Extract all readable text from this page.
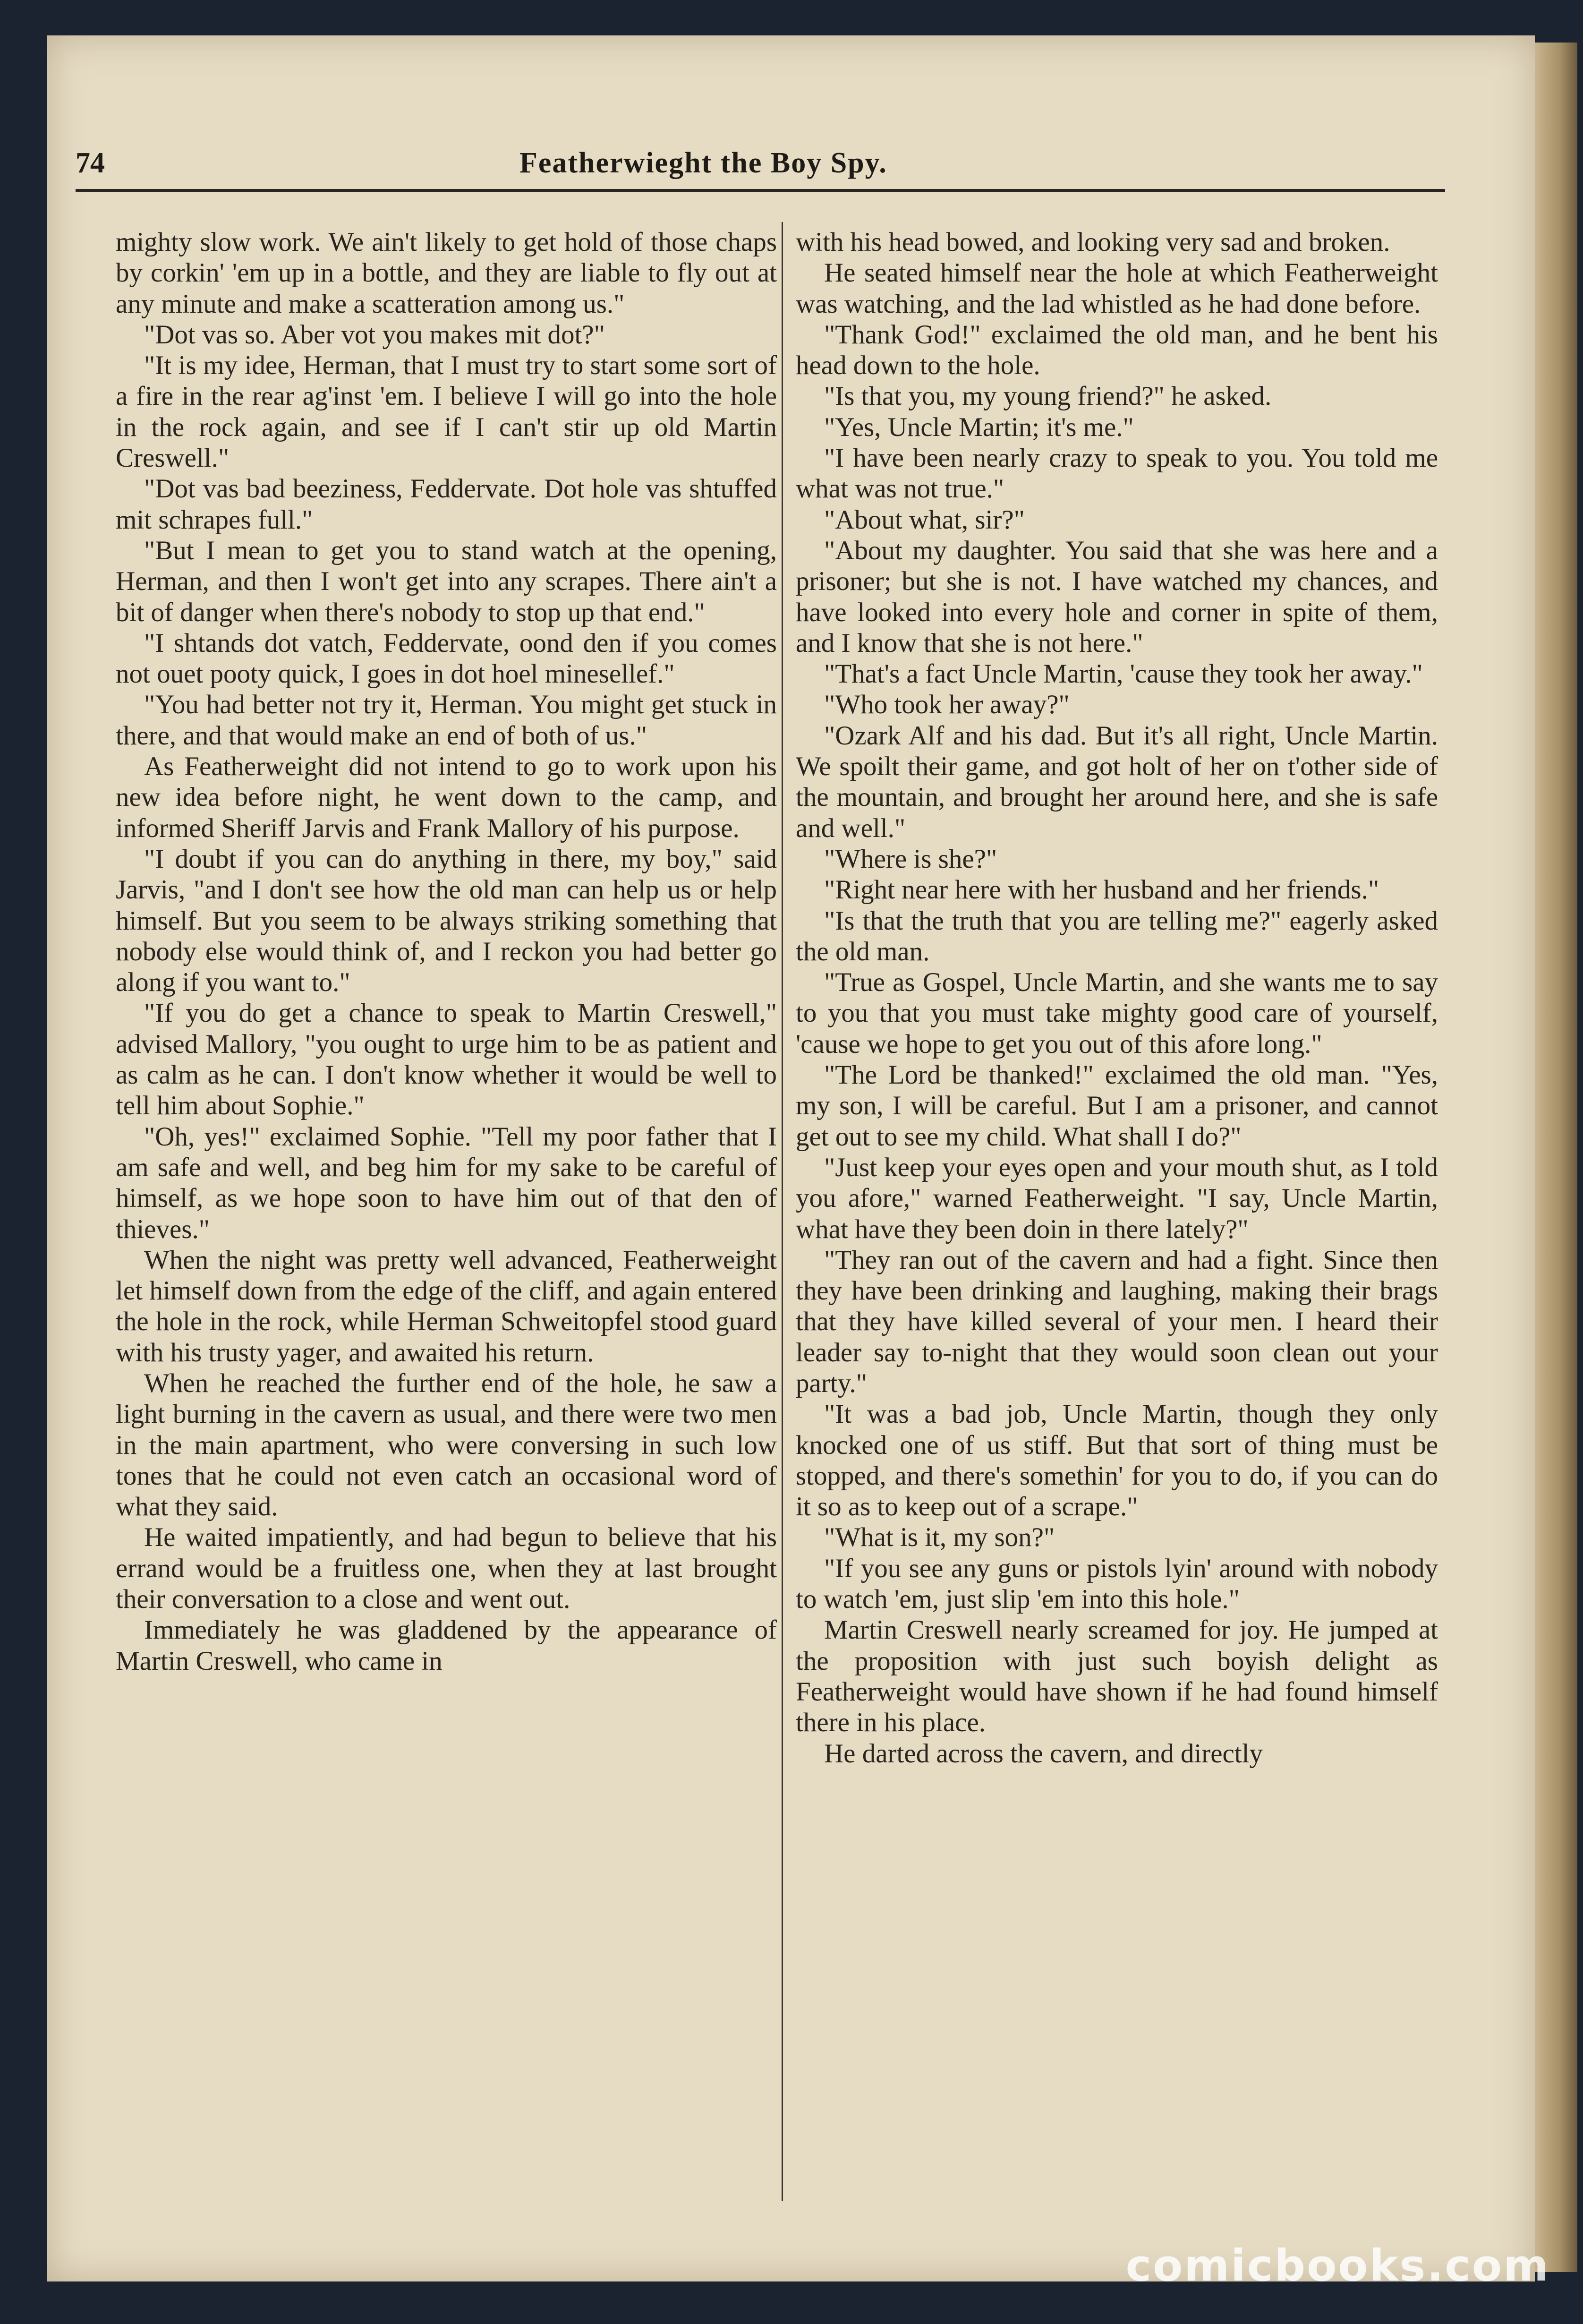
74	Featherwieght the Boy Spy.

mighty slow work. We ain't likely to get hold of those chaps by corkin' 'em up in a bottle, and they are liable to fly out at any minute and make a scatteration among us."

"Dot vas so. Aber vot you makes mit dot?"

"It is my idee, Herman, that I must try to start some sort of a fire in the rear ag'inst 'em. I believe I will go into the hole in the rock again, and see if I can't stir up old Martin Creswell."

"Dot vas bad beeziness, Feddervate. Dot hole vas shtuffed mit schrapes full."

"But I mean to get you to stand watch at the opening, Herman, and then I won't get into any scrapes. There ain't a bit of danger when there's nobody to stop up that end."

"I shtands dot vatch, Feddervate, oond den if you comes not ouet pooty quick, I goes in dot hoel minesellef."

"You had better not try it, Herman. You might get stuck in there, and that would make an end of both of us."

As Featherweight did not intend to go to work upon his new idea before night, he went down to the camp, and informed Sheriff Jarvis and Frank Mallory of his purpose.

"I doubt if you can do anything in there, my boy," said Jarvis, "and I don't see how the old man can help us or help himself. But you seem to be always striking something that nobody else would think of, and I reckon you had better go along if you want to."

"If you do get a chance to speak to Martin Creswell," advised Mallory, "you ought to urge him to be as patient and as calm as he can. I don't know whether it would be well to tell him about Sophie."

"Oh, yes!" exclaimed Sophie. "Tell my poor father that I am safe and well, and beg him for my sake to be careful of himself, as we hope soon to have him out of that den of thieves."

When the night was pretty well advanced, Featherweight let himself down from the edge of the cliff, and again entered the hole in the rock, while Herman Schweitopfel stood guard with his trusty yager, and awaited his return.

When he reached the further end of the hole, he saw a light burning in the cavern as usual, and there were two men in the main apartment, who were conversing in such low tones that he could not even catch an occasional word of what they said.

He waited impatiently, and had begun to believe that his errand would be a fruitless one, when they at last brought their conversation to a close and went out.

Immediately he was gladdened by the appearance of Martin Creswell, who came in

with his head bowed, and looking very sad and broken.

He seated himself near the hole at which Featherweight was watching, and the lad whistled as he had done before.

"Thank God!" exclaimed the old man, and he bent his head down to the hole.

"Is that you, my young friend?" he asked.

"Yes, Uncle Martin; it's me."

"I have been nearly crazy to speak to you. You told me what was not true."

"About what, sir?"

"About my daughter. You said that she was here and a prisoner; but she is not. I have watched my chances, and have looked into every hole and corner in spite of them, and I know that she is not here."

"That's a fact Uncle Martin, 'cause they took her away."

"Who took her away?"

"Ozark Alf and his dad. But it's all right, Uncle Martin. We spoilt their game, and got holt of her on t'other side of the mountain, and brought her around here, and she is safe and well."

"Where is she?"

"Right near here with her husband and her friends."

"Is that the truth that you are telling me?" eagerly asked the old man.

"True as Gospel, Uncle Martin, and she wants me to say to you that you must take mighty good care of yourself, 'cause we hope to get you out of this afore long."

"The Lord be thanked!" exclaimed the old man. "Yes, my son, I will be careful. But I am a prisoner, and cannot get out to see my child. What shall I do?"

"Just keep your eyes open and your mouth shut, as I told you afore," warned Featherweight. "I say, Uncle Martin, what have they been doin in there lately?"

"They ran out of the cavern and had a fight. Since then they have been drinking and laughing, making their brags that they have killed several of your men. I heard their leader say to-night that they would soon clean out your party."

"It was a bad job, Uncle Martin, though they only knocked one of us stiff. But that sort of thing must be stopped, and there's somethin' for you to do, if you can do it so as to keep out of a scrape."

"What is it, my son?"

"If you see any guns or pistols lyin' around with nobody to watch 'em, just slip 'em into this hole."

Martin Creswell nearly screamed for joy. He jumped at the proposition with just such boyish delight as Featherweight would have shown if he had found himself there in his place.

He darted across the cavern, and directly

comicbooks.com
